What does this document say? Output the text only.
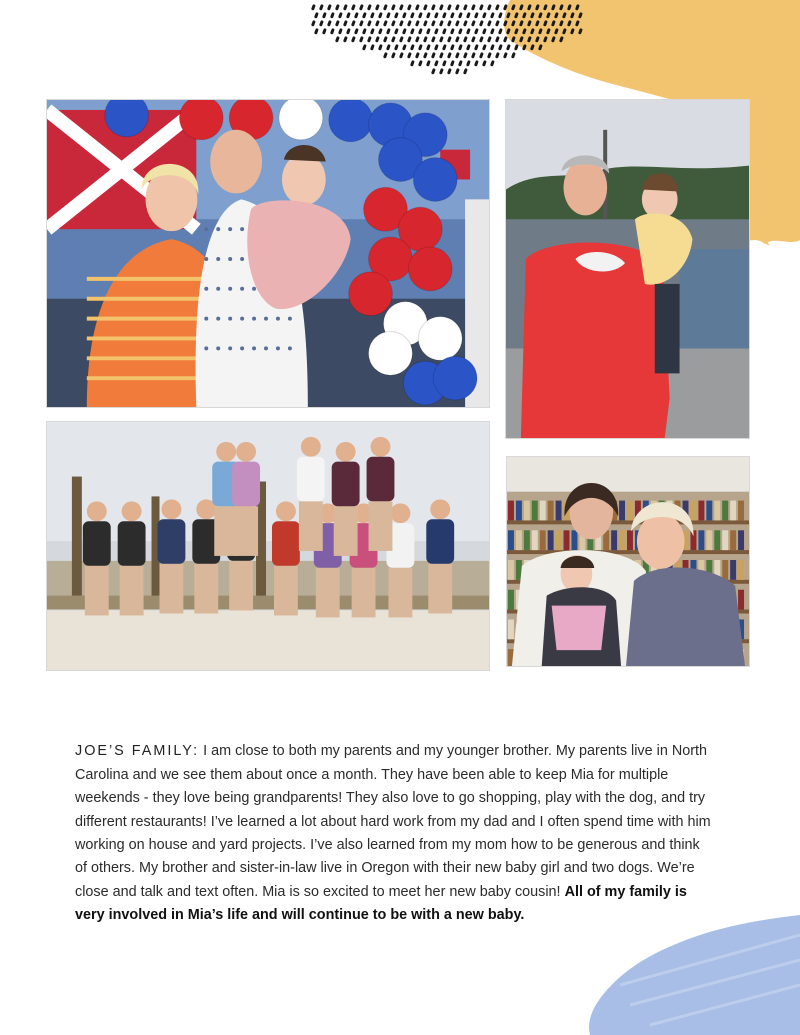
JOE’S FAMILY: I am close to both my parents and my younger brother. My parents live in North Carolina and we see them about once a month. They have been able to keep Mia for multiple weekends - they love being grandparents! They also love to go shopping, play with the dog, and try different restaurants! I’ve learned a lot about hard work from my dad and I often spend time with him working on house and yard projects. I’ve also learned from my mom how to be generous and think of others. My brother and sister-in-law live in Oregon with their new baby girl and two dogs. We’re close and talk and text often. Mia is so excited to meet her new baby cousin! All of my family is very involved in Mia’s life and will continue to be with a new baby.
